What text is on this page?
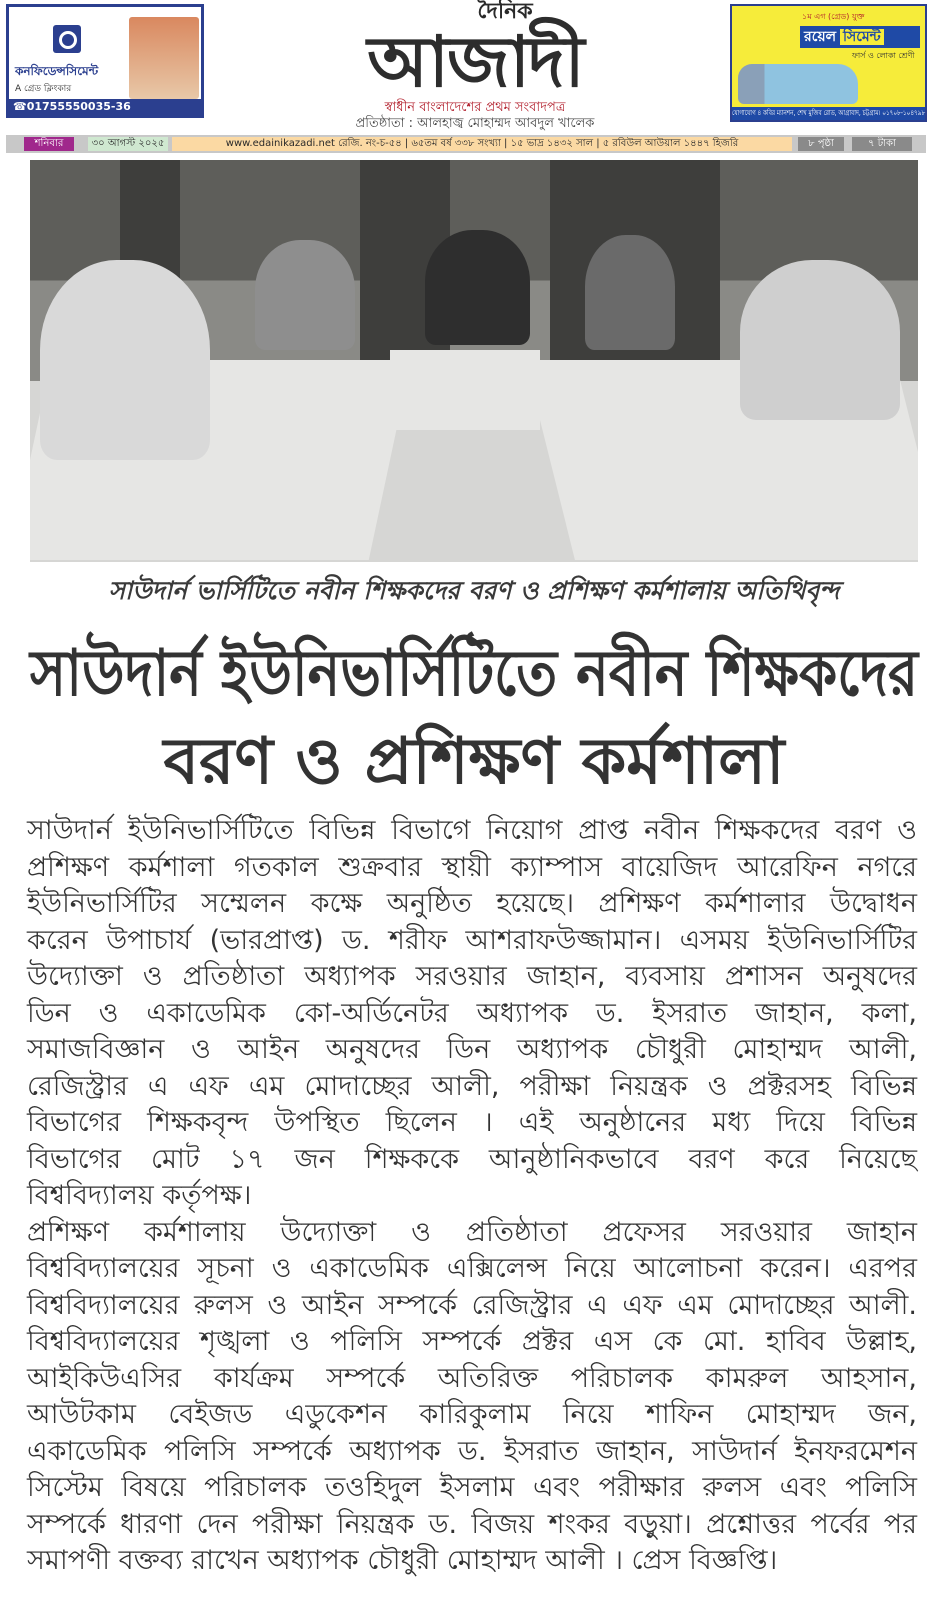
কনফিডেন্সসিমেন্ট
A গ্রেড ক্লিংকার
☎01755550035-36
দৈনিক
আজাদী
স্বাধীন বাংলাদেশের প্রথম সংবাদপত্র
প্রতিষ্ঠাতা : আলহাজ্ব মোহাম্মদ আবদুল খালেক
১ম এগ (গ্রেড) যুক্ত
রয়েল সিমেন্ট
ফার্স ও লোকা শ্রেণী
যোগাযোগ ৪ কবির ম্যানশন, শেখ মুজিব রোড, আগ্রাবাদ, চট্টগ্রাম। ০১৭০৮-১০৪৭৯৮
শনিবার	৩০ আগস্ট ২০২৫	www.edainikazadi.net রেজি. নং-চ-৫৪ | ৬৫তম বর্ষ ৩৩৮ সংখ্যা | ১৫ ভাদ্র ১৪৩২ সাল | ৫ রবিউল আউয়াল ১৪৪৭ হিজরি	৮ পৃষ্ঠা	৭ টাকা
সাউদার্ন ভার্সিটিতে নবীন শিক্ষকদের বরণ ও প্রশিক্ষণ কর্মশালায় অতিথিবৃন্দ
সাউদার্ন ইউনিভার্সিটিতে নবীন শিক্ষকদের
বরণ ও প্রশিক্ষণ কর্মশালা
সাউদার্ন ইউনিভার্সিটিতে বিভিন্ন বিভাগে নিয়োগ প্রাপ্ত নবীন শিক্ষকদের বরণ ও
প্রশিক্ষণ কর্মশালা গতকাল শুক্রবার স্থায়ী ক্যাম্পাস বায়েজিদ আরেফিন নগরে
ইউনিভার্সিটির সম্মেলন কক্ষে অনুষ্ঠিত হয়েছে। প্রশিক্ষণ কর্মশালার উদ্বোধন
করেন উপাচার্য (ভারপ্রাপ্ত) ড. শরীফ আশরাফউজ্জামান। এসময় ইউনিভার্সিটির
উদ্যোক্তা ও প্রতিষ্ঠাতা অধ্যাপক সরওয়ার জাহান, ব্যবসায় প্রশাসন অনুষদের
ডিন ও একাডেমিক কো-অর্ডিনেটর অধ্যাপক ড. ইসরাত জাহান, কলা,
সমাজবিজ্ঞান ও আইন অনুষদের ডিন অধ্যাপক চৌধুরী মোহাম্মদ আলী,
রেজিস্ট্রার এ এফ এম মোদাচ্ছের আলী, পরীক্ষা নিয়ন্ত্রক ও প্রক্টরসহ বিভিন্ন
বিভাগের শিক্ষকবৃন্দ উপস্থিত ছিলেন । এই অনুষ্ঠানের মধ্য দিয়ে বিভিন্ন
বিভাগের মোট ১৭ জন শিক্ষককে আনুষ্ঠানিকভাবে বরণ করে নিয়েছে
বিশ্ববিদ্যালয় কর্তৃপক্ষ।
প্রশিক্ষণ কর্মশালায় উদ্যোক্তা ও প্রতিষ্ঠাতা প্রফেসর সরওয়ার জাহান
বিশ্ববিদ্যালয়ের সূচনা ও একাডেমিক এক্সিলেন্স নিয়ে আলোচনা করেন। এরপর
বিশ্ববিদ্যালয়ের রুলস ও আইন সম্পর্কে রেজিস্ট্রার এ এফ এম মোদাচ্ছের আলী.
বিশ্ববিদ্যালয়ের শৃঙ্খলা ও পলিসি সম্পর্কে প্রক্টর এস কে মো. হাবিব উল্লাহ,
আইকিউএসির কার্যক্রম সম্পর্কে অতিরিক্ত পরিচালক কামরুল আহসান,
আউটকাম বেইজড এডুকেশন কারিকুলাম নিয়ে শাফিন মোহাম্মদ জন,
একাডেমিক পলিসি সম্পর্কে অধ্যাপক ড. ইসরাত জাহান, সাউদার্ন ইনফরমেশন
সিস্টেম বিষয়ে পরিচালক তওহিদুল ইসলাম এবং পরীক্ষার রুলস এবং পলিসি
সম্পর্কে ধারণা দেন পরীক্ষা নিয়ন্ত্রক ড. বিজয় শংকর বড়ুয়া। প্রশ্নোত্তর পর্বের পর
সমাপণী বক্তব্য রাখেন অধ্যাপক চৌধুরী মোহাম্মদ আলী । প্রেস বিজ্ঞপ্তি।
